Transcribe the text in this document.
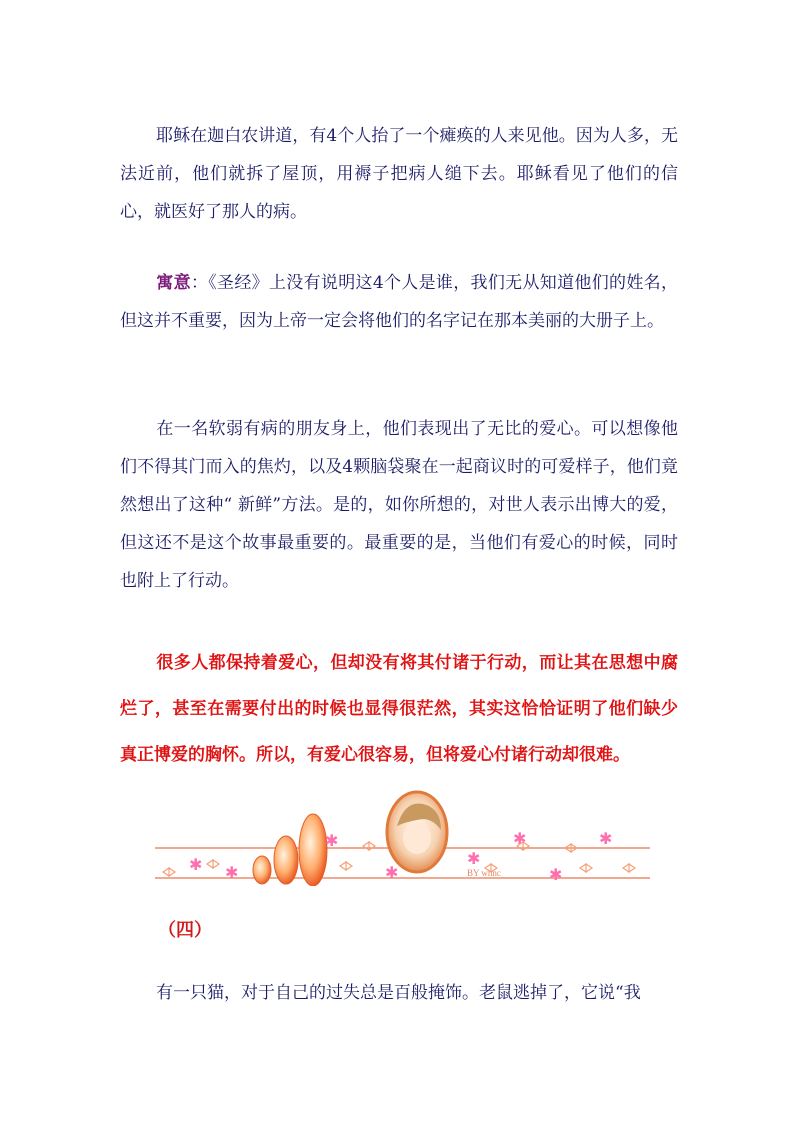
耶稣在迦白农讲道，有4个人抬了一个瘫痪的人来见他。因为人多，无法近前，他们就拆了屋顶，用褥子把病人缒下去。耶稣看见了他们的信心，就医好了那人的病。

寓意：《圣经》上没有说明这4个人是谁，我们无从知道他们的姓名，但这并不重要，因为上帝一定会将他们的名字记在那本美丽的大册子上。

在一名软弱有病的朋友身上，他们表现出了无比的爱心。可以想像他们不得其门而入的焦灼，以及4颗脑袋聚在一起商议时的可爱样子，他们竟然想出了这种“ 新鲜”方法。是的，如你所想的，对世人表示出博大的爱，但这还不是这个故事最重要的。最重要的是，当他们有爱心的时候，同时也附上了行动。

很多人都保持着爱心，但却没有将其付诸于行动，而让其在思想中腐烂了，甚至在需要付出的时候也显得很茫然，其实这恰恰证明了他们缺少真正博爱的胸怀。所以，有爱心很容易，但将爱心付诸行动却很难。

BY whnc
✱ ✱
✱
✱
✱
✱
✱
✱
（四）

有一只猫，对于自己的过失总是百般掩饰。老鼠逃掉了，它说“我
